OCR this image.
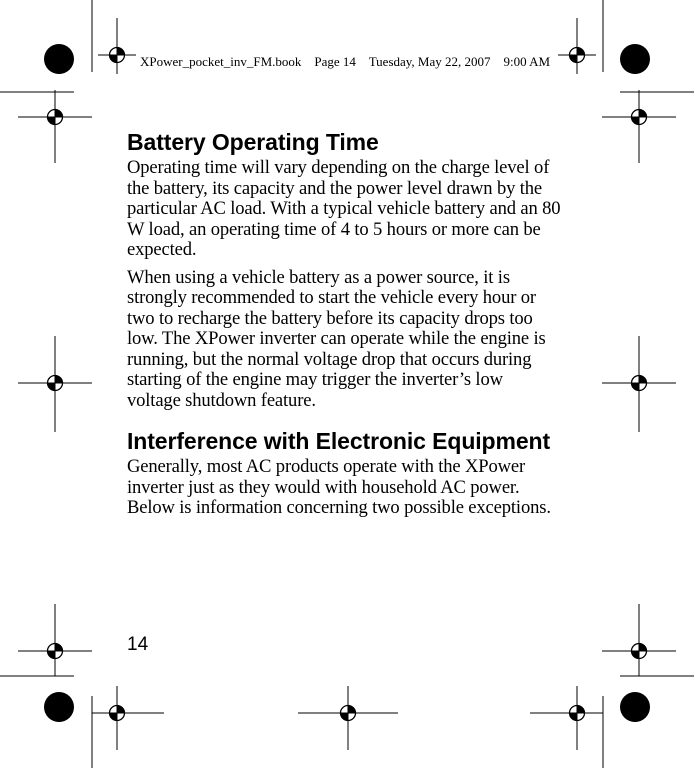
XPower_pocket_inv_FM.book    Page 14    Tuesday, May 22, 2007    9:00 AM
Battery Operating Time

Operating time will vary depending on the charge level of the battery, its capacity and the power level drawn by the particular AC load. With a typical vehicle battery and an 80 W load, an operating time of 4 to 5 hours or more can be expected.

When using a vehicle battery as a power source, it is strongly recommended to start the vehicle every hour or two to recharge the battery before its capacity drops too low. The XPower inverter can operate while the engine is running, but the normal voltage drop that occurs during starting of the engine may trigger the inverter’s low voltage shutdown feature.

Interference with Electronic Equipment

Generally, most AC products operate with the XPower inverter just as they would with household AC power. Below is information concerning two possible exceptions.

14
